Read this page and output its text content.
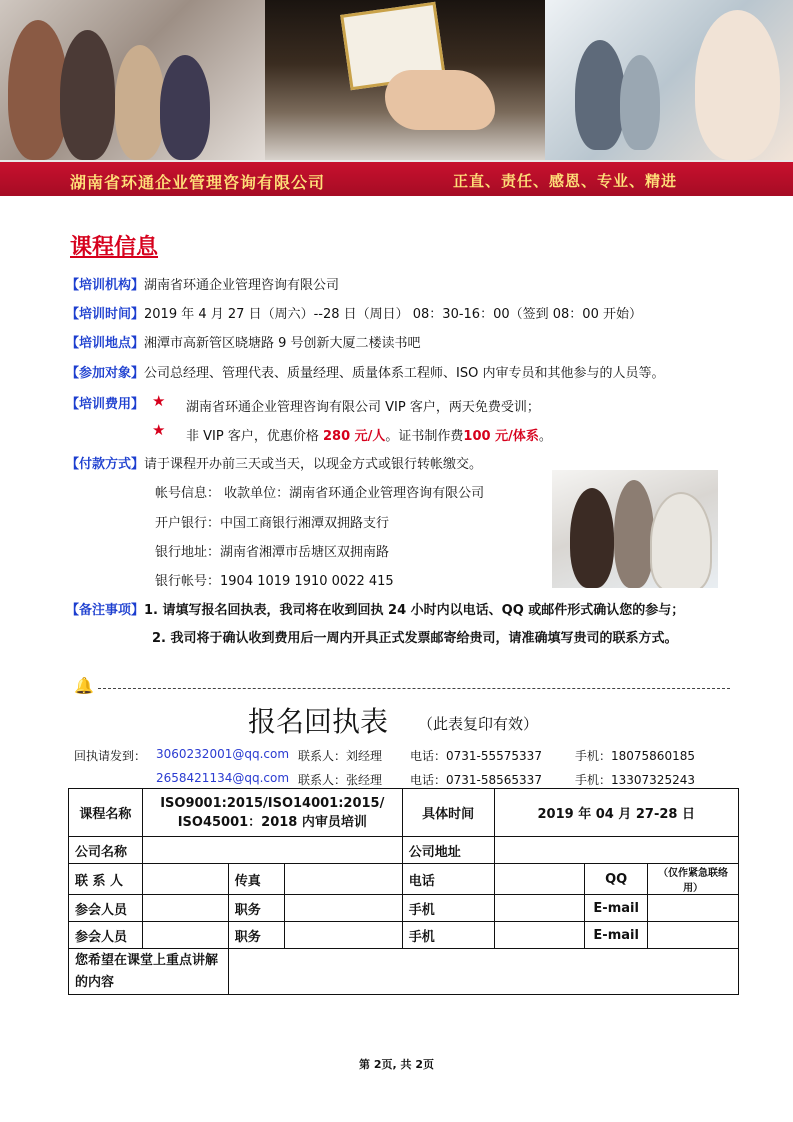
湖南省环通企业管理咨询有限公司	正直、责任、感恩、专业、精进
课程信息
【培训机构】湖南省环通企业管理咨询有限公司
【培训时间】2019 年 4 月 27 日（周六）--28 日（周日） 08：30-16：00（签到 08：00 开始）
【培训地点】湘潭市高新管区晓塘路 9 号创新大厦二楼读书吧
【参加对象】公司总经理、管理代表、质量经理、质量体系工程师、ISO 内审专员和其他参与的人员等。
【培训费用】 ★ 湖南省环通企业管理咨询有限公司 VIP 客户，两天免费受训；
★ 非 VIP 客户，优惠价格 280 元/人。证书制作费100 元/体系。
【付款方式】请于课程开办前三天或当天，以现金方式或银行转帐缴交。
帐号信息： 收款单位：湖南省环通企业管理咨询有限公司
开户银行：中国工商银行湘潭双拥路支行
银行地址：湖南省湘潭市岳塘区双拥南路
银行帐号：1904 1019 1910 0022 415
【备注事项】1. 请填写报名回执表，我司将在收到回执 24 小时内以电话、QQ 或邮件形式确认您的参与；
2. 我司将于确认收到费用后一周内开具正式发票邮寄给贵司，请准确填写贵司的联系方式。
🔔
报名回执表 （此表复印有效）
回执请发到： 3060232001@qq.com 联系人：刘经理 电话：0731-55575337	手机：18075860185
2658421134@qq.com 联系人：张经理 电话：0731-58565337	手机：13307325243
课程名称	ISO9001:2015/ISO14001:2015/
ISO45001：2018 内审员培训			具体时间	2019 年 04 月 27-28 日		
公司名称				公司地址			
联 系 人		传真		电话		QQ	（仅作紧急联络用）
参会人员		职务		手机		E-mail	
参会人员		职务		手机		E-mail	
您希望在课堂上重点讲解的内容							
第 2页, 共 2页
